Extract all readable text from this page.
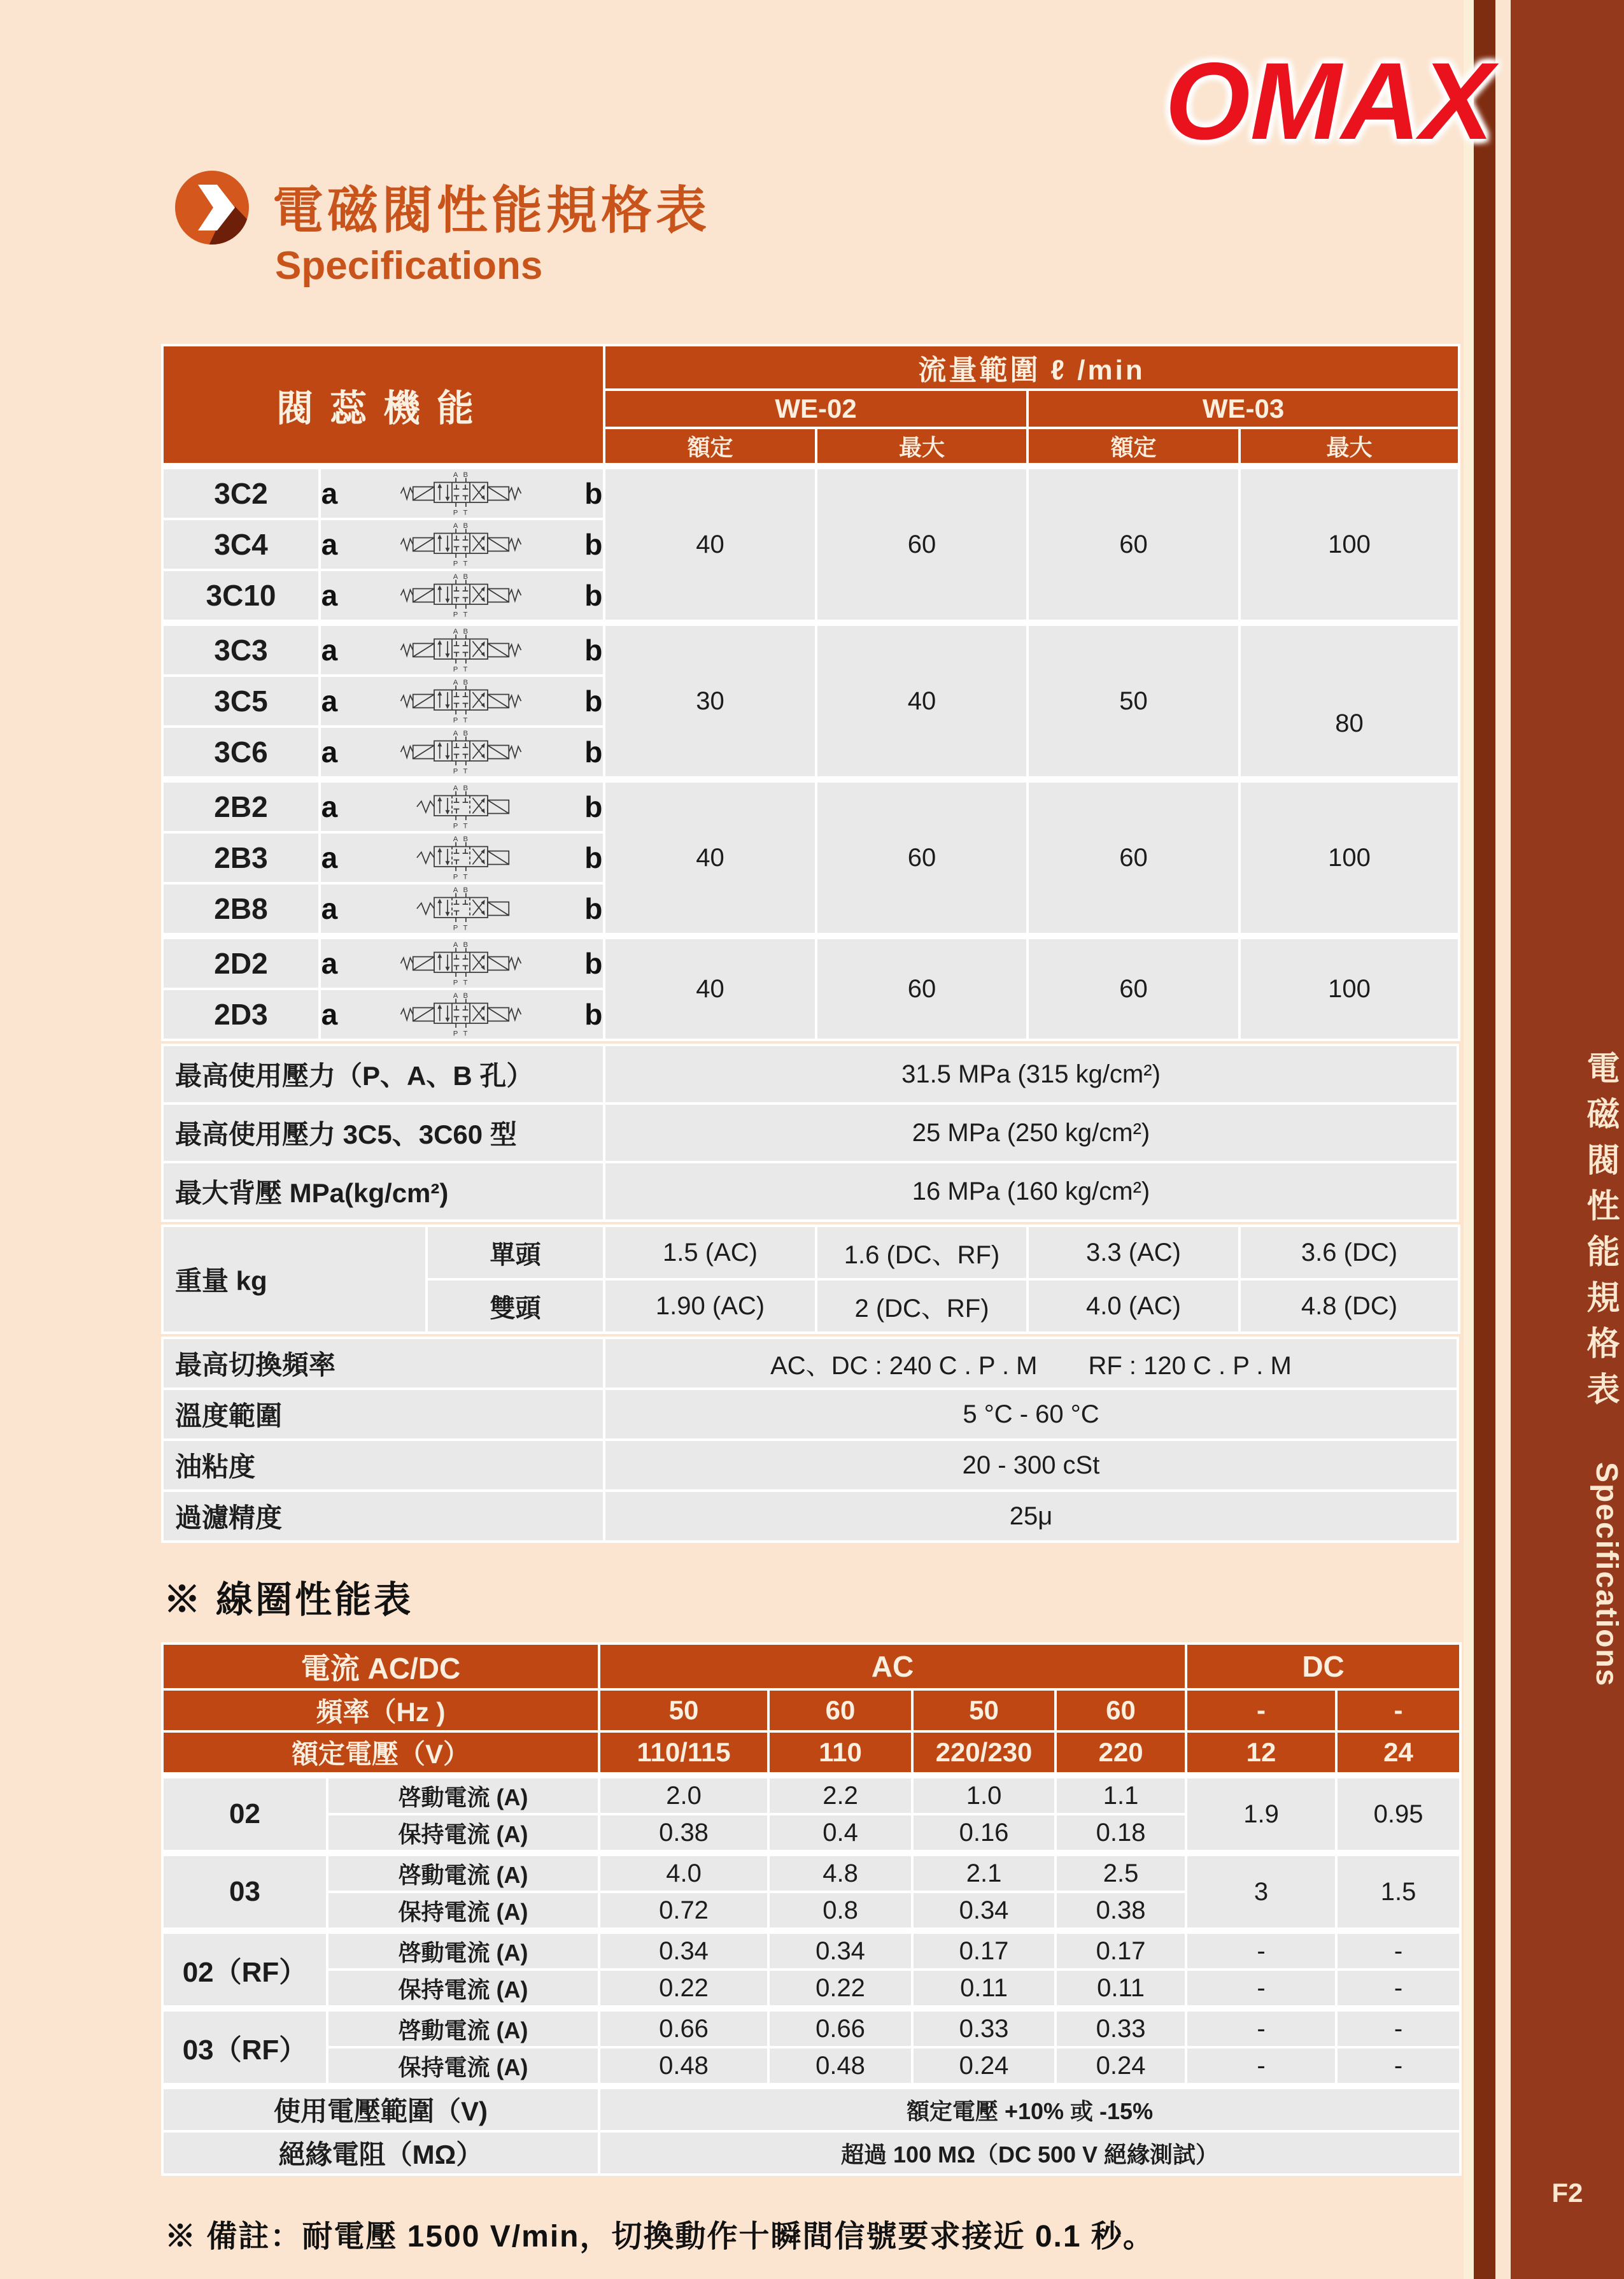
電磁閥性能規格表
Specifications
F2
OMAX
電磁閥性能規格表
Specifications
閥蕊機能		流量範圍 ℓ /min			
		WE-02		WE-03	
		額定	最大	額定	最大
3C2	a b	40	60	60	100
3C4	a b				

3C10	a b				

3C3	a b	30	40	50	80
3C5	a b				

3C6	a b				

2B2	a b	40	60	60	100
2B3	a b				

2B8	a b				

2D2	a b	40	60	60	100
2D3	a b				
最高使用壓力（P、A、B 孔）	31.5 MPa (315 kg/cm²)
最高使用壓力 3C5、3C60 型	25 MPa (250 kg/cm²)
最大背壓 MPa(kg/cm²)	16 MPa (160 kg/cm²)
重量 kg	單頭	1.5 (AC)	1.6 (DC、RF)	3.3 (AC)	3.6 (DC)
	雙頭	1.90 (AC)	2 (DC、RF)	4.0 (AC)	4.8 (DC)
最高切換頻率	AC、DC : 240 C . P . M　　RF : 120 C . P . M
溫度範圍	5 °C - 60 °C
油粘度	20 - 300 cSt
過濾精度	25μ
※ 線圈性能表
電流 AC/DC		AC				DC	
頻率（Hz )		50	60	50	60	-	-
額定電壓（V）		110/115	110	220/230	220	12	24
02	啓動電流 (A)	2.0	2.2	1.0	1.1	1.9	0.95
	保持電流 (A)	0.38	0.4	0.16	0.18		
03	啓動電流 (A)	4.0	4.8	2.1	2.5	3	1.5
	保持電流 (A)	0.72	0.8	0.34	0.38		
02（RF）	啓動電流 (A)	0.34	0.34	0.17	0.17	-	-
	保持電流 (A)	0.22	0.22	0.11	0.11	-	-
03（RF）	啓動電流 (A)	0.66	0.66	0.33	0.33	-	-
	保持電流 (A)	0.48	0.48	0.24	0.24	-	-
使用電壓範圍（V)		額定電壓 +10% 或 -15%					
絕緣電阻（MΩ）		超過 100 MΩ（DC 500 V 絕緣測試）					
※ 備註：耐電壓 1500 V/min，切換動作十瞬間信號要求接近 0.1 秒。
